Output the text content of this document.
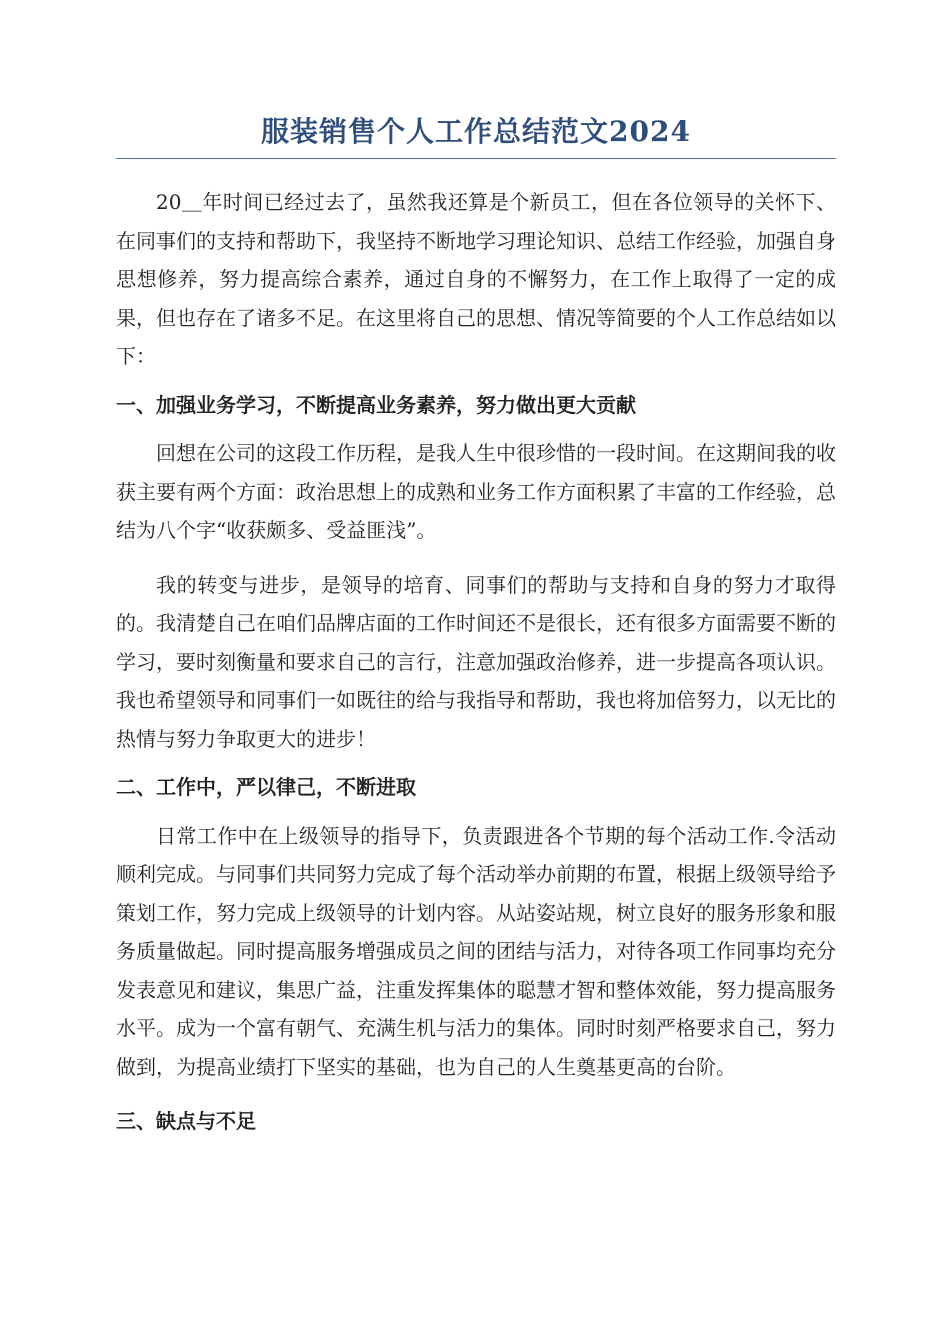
服装销售个人工作总结范文2024

20＿年时间已经过去了，虽然我还算是个新员工，但在各位领导的关怀下、在同事们的支持和帮助下，我坚持不断地学习理论知识、总结工作经验，加强自身思想修养，努力提高综合素养，通过自身的不懈努力，在工作上取得了一定的成果，但也存在了诸多不足。在这里将自己的思想、情况等简要的个人工作总结如以下：

一、加强业务学习，不断提高业务素养，努力做出更大贡献

回想在公司的这段工作历程，是我人生中很珍惜的一段时间。在这期间我的收获主要有两个方面：政治思想上的成熟和业务工作方面积累了丰富的工作经验，总结为八个字“收获颇多、受益匪浅”。

我的转变与进步，是领导的培育、同事们的帮助与支持和自身的努力才取得的。我清楚自己在咱们品牌店面的工作时间还不是很长，还有很多方面需要不断的学习，要时刻衡量和要求自己的言行，注意加强政治修养，进一步提高各项认识。我也希望领导和同事们一如既往的给与我指导和帮助，我也将加倍努力，以无比的热情与努力争取更大的进步！

二、工作中，严以律己，不断进取

日常工作中在上级领导的指导下，负责跟进各个节期的每个活动工作.令活动顺利完成。与同事们共同努力完成了每个活动举办前期的布置，根据上级领导给予策划工作，努力完成上级领导的计划内容。从站姿站规，树立良好的服务形象和服务质量做起。同时提高服务增强成员之间的团结与活力，对待各项工作同事均充分发表意见和建议，集思广益，注重发挥集体的聪慧才智和整体效能，努力提高服务水平。成为一个富有朝气、充满生机与活力的集体。同时时刻严格要求自己，努力做到，为提高业绩打下坚实的基础，也为自己的人生奠基更高的台阶。

三、缺点与不足
